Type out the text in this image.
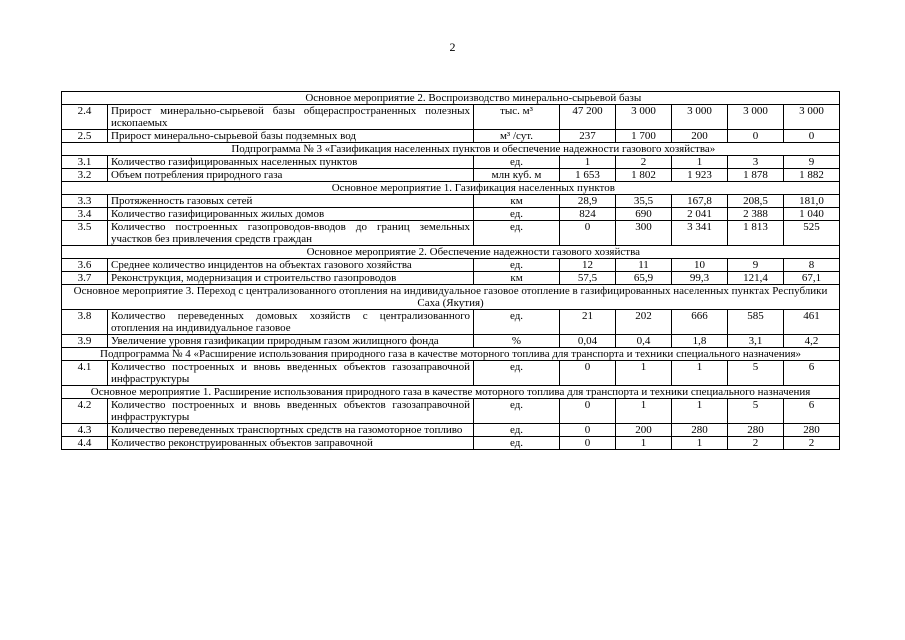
2
	Основное мероприятие 2. Воспроизводство минерально-сырьевой базы						
2.4	Прирост минерально-сырьевой базы общераспространенных полезных ископаемых	тыс. м³	47 200	3 000	3 000	3 000	3 000
2.5	Прирост минерально-сырьевой базы подземных вод	м³ /сут.	237	1 700	200	0	0
	Подпрограмма № 3 «Газификация населенных пунктов и обеспечение надежности газового хозяйства»						
3.1	Количество газифицированных населенных пунктов	ед.	1	2	1	3	9
3.2	Объем потребления природного газа	млн куб. м	1 653	1 802	1 923	1 878	1 882
	Основное мероприятие 1. Газификация населенных пунктов						
3.3	Протяженность газовых сетей	км	28,9	35,5	167,8	208,5	181,0
3.4	Количество газифицированных жилых домов	ед.	824	690	2 041	2 388	1 040
3.5	Количество построенных газопроводов-вводов до границ земельных участков без привлечения средств граждан	ед.	0	300	3 341	1 813	525
	Основное мероприятие 2. Обеспечение надежности газового хозяйства						
3.6	Среднее количество инцидентов на объектах газового хозяйства	ед.	12	11	10	9	8
3.7	Реконструкция, модернизация и строительство газопроводов	км	57,5	65,9	99,3	121,4	67,1
Основное мероприятие 3. Переход с централизованного отопления на индивидуальное газовое отопление в газифицированных населенных пунктах Республики Саха (Якутия)							
3.8	Количество переведенных домовых хозяйств с централизованного отопления на индивидуальное газовое	ед.	21	202	666	585	461
3.9	Увеличение уровня газификации природным газом жилищного фонда	%	0,04	0,4	1,8	3,1	4,2
Подпрограмма № 4 «Расширение использования природного газа в качестве моторного топлива для транспорта и техники специального назначения»							
4.1	Количество построенных и вновь введенных объектов газозаправочной инфраструктуры	ед.	0	1	1	5	6
Основное мероприятие 1. Расширение использования природного газа в качестве моторного топлива для транспорта и техники специального назначения							
4.2	Количество построенных и вновь введенных объектов газозаправочной инфраструктуры	ед.	0	1	1	5	6
4.3	Количество переведенных транспортных средств на газомоторное топливо	ед.	0	200	280	280	280
4.4	Количество реконструированных объектов заправочной	ед.	0	1	1	2	2
